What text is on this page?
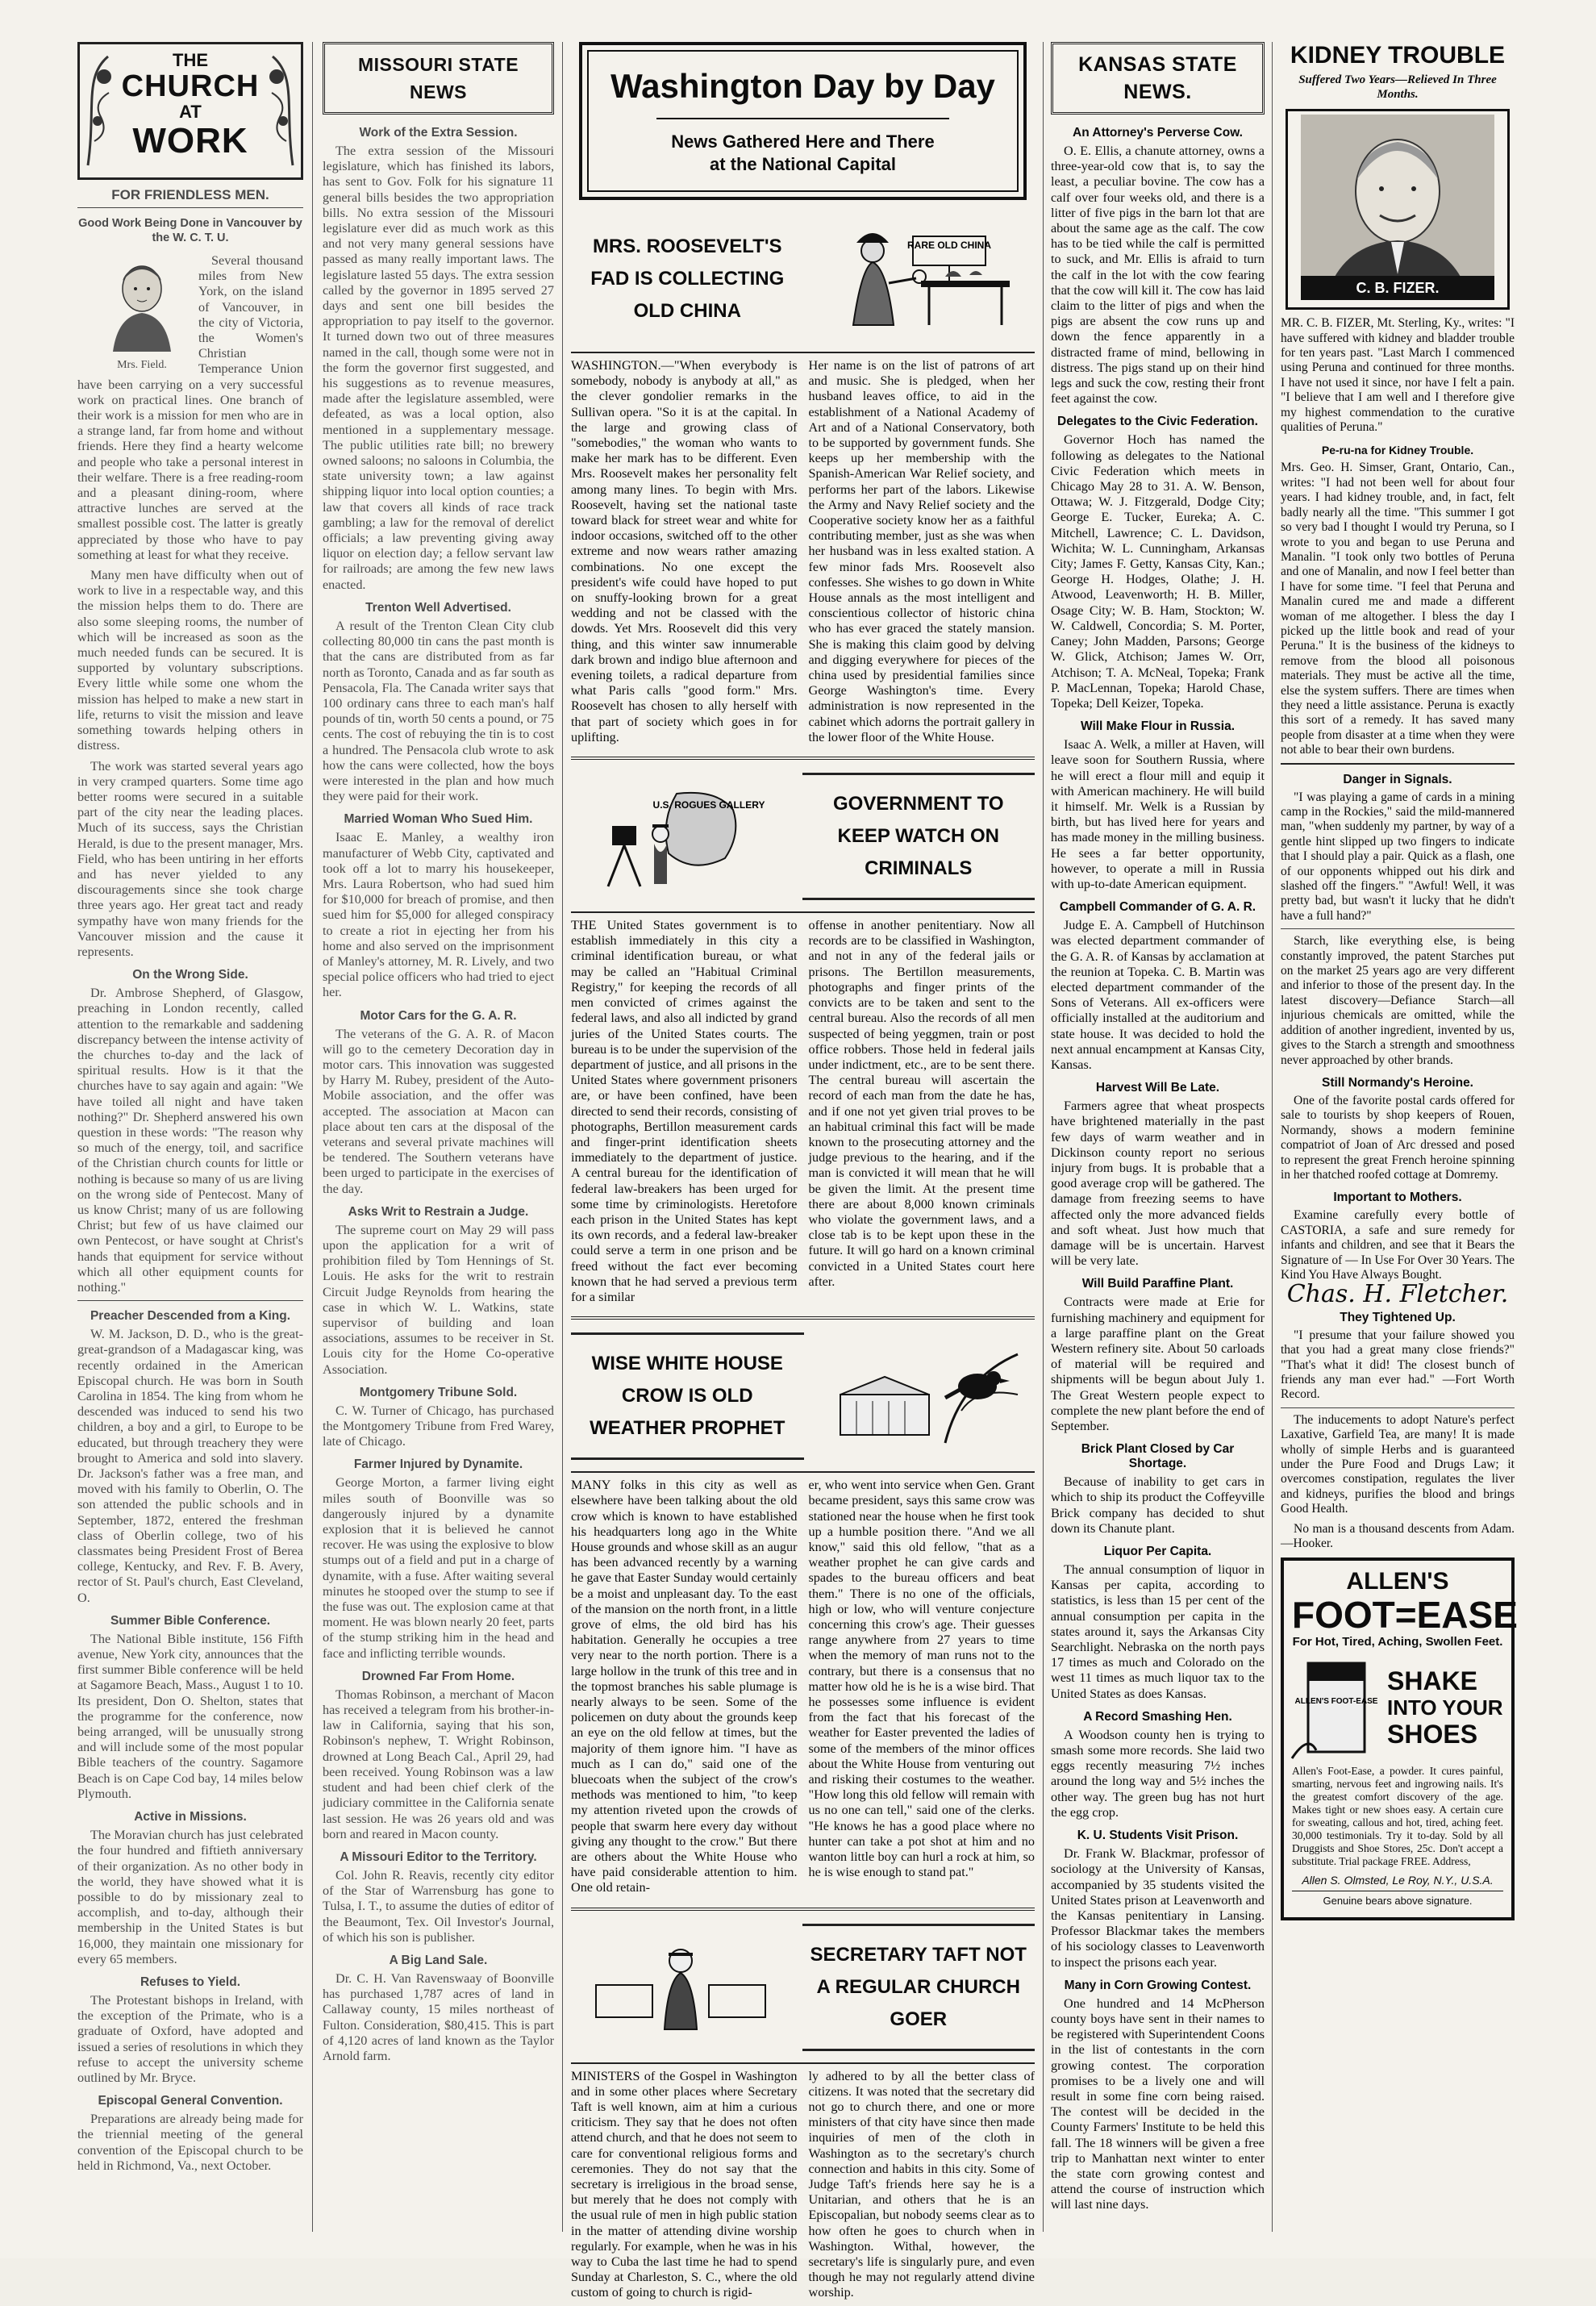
THE
CHURCH
AT
WORK
FOR FRIENDLESS MEN.
Good Work Being Done in Vancouver by the W. C. T. U.
Mrs. Field.

Several thousand miles from New York, on the island of Vancouver, in the city of Victoria, the Women's Christian Temperance Union have been carrying on a very successful work on practical lines. One branch of their work is a mission for men who are in a strange land, far from home and without friends. Here they find a hearty welcome and people who take a personal interest in their welfare. There is a free reading-room and a pleasant dining-room, where attractive lunches are served at the smallest possible cost. The latter is greatly appreciated by those who have to pay something at least for what they receive.

Many men have difficulty when out of work to live in a respectable way, and this the mission helps them to do. There are also some sleeping rooms, the number of which will be increased as soon as the much needed funds can be secured. It is supported by voluntary subscriptions. Every little while some one whom the mission has helped to make a new start in life, returns to visit the mission and leave something towards helping others in distress.

The work was started several years ago in very cramped quarters. Some time ago better rooms were secured in a suitable part of the city near the leading places. Much of its success, says the Christian Herald, is due to the present manager, Mrs. Field, who has been untiring in her efforts and has never yielded to any discouragements since she took charge three years ago. Her great tact and ready sympathy have won many friends for the Vancouver mission and the cause it represents.

On the Wrong Side.

Dr. Ambrose Shepherd, of Glasgow, preaching in London recently, called attention to the remarkable and saddening discrepancy between the intense activity of the churches to-day and the lack of spiritual results. How is it that the churches have to say again and again: "We have toiled all night and have taken nothing?" Dr. Shepherd answered his own question in these words: "The reason why so much of the energy, toil, and sacrifice of the Christian church counts for little or nothing is because so many of us are living on the wrong side of Pentecost. Many of us know Christ; many of us are following Christ; but few of us have claimed our own Pentecost, or have sought at Christ's hands that equipment for service without which all other equipment counts for nothing."

Preacher Descended from a King.

W. M. Jackson, D. D., who is the great-great-grandson of a Madagascar king, was recently ordained in the American Episcopal church. He was born in South Carolina in 1854. The king from whom he descended was induced to send his two children, a boy and a girl, to Europe to be educated, but through treachery they were brought to America and sold into slavery. Dr. Jackson's father was a free man, and moved with his family to Oberlin, O. The son attended the public schools and in September, 1872, entered the freshman class of Oberlin college, two of his classmates being President Frost of Berea college, Kentucky, and Rev. F. B. Avery, rector of St. Paul's church, East Cleveland, O.

Summer Bible Conference.

The National Bible institute, 156 Fifth avenue, New York city, announces that the first summer Bible conference will be held at Sagamore Beach, Mass., August 1 to 10. Its president, Don O. Shelton, states that the programme for the conference, now being arranged, will be unusually strong and will include some of the most popular Bible teachers of the country. Sagamore Beach is on Cape Cod bay, 14 miles below Plymouth.

Active in Missions.

The Moravian church has just celebrated the four hundred and fiftieth anniversary of their organization. As no other body in the world, they have showed what it is possible to do by missionary zeal to accomplish, and to-day, although their membership in the United States is but 16,000, they maintain one missionary for every 65 members.

Refuses to Yield.

The Protestant bishops in Ireland, with the exception of the Primate, who is a graduate of Oxford, have adopted and issued a series of resolutions in which they refuse to accept the university scheme outlined by Mr. Bryce.

Episcopal General Convention.

Preparations are already being made for the triennial meeting of the general convention of the Episcopal church to be held in Richmond, Va., next October.

MISSOURI STATE NEWS
Work of the Extra Session.

The extra session of the Missouri legislature, which has finished its labors, has sent to Gov. Folk for his signature 11 general bills besides the two appropriation bills. No extra session of the Missouri legislature ever did as much work as this and not very many general sessions have passed as many really important laws. The legislature lasted 55 days. The extra session called by the governor in 1895 served 27 days and sent one bill besides the appropriation to pay itself to the governor. It turned down two out of three measures named in the call, though some were not in the form the governor first suggested, and his suggestions as to revenue measures, made after the legislature assembled, were defeated, as was a local option, also mentioned in a supplementary message. The public utilities rate bill; no brewery owned saloons; no saloons in Columbia, the state university town; a law against shipping liquor into local option counties; a law that covers all kinds of race track gambling; a law for the removal of derelict officials; a law preventing giving away liquor on election day; a fellow servant law for railroads; are among the few new laws enacted.

Trenton Well Advertised.

A result of the Trenton Clean City club collecting 80,000 tin cans the past month is that the cans are distributed from as far north as Toronto, Canada and as far south as Pensacola, Fla. The Canada writer says that 100 ordinary cans three to each man's half pounds of tin, worth 50 cents a pound, or 75 cents. The cost of rebuying the tin is to cost a hundred. The Pensacola club wrote to ask how the cans were collected, how the boys were interested in the plan and how much they were paid for their work.

Married Woman Who Sued Him.

Isaac E. Manley, a wealthy iron manufacturer of Webb City, captivated and took off a lot to marry his housekeeper, Mrs. Laura Robertson, who had sued him for $10,000 for breach of promise, and then sued him for $5,000 for alleged conspiracy to create a riot in ejecting her from his home and also served on the imprisonment of Manley's attorney, M. R. Lively, and two special police officers who had tried to eject her.

Motor Cars for the G. A. R.

The veterans of the G. A. R. of Macon will go to the cemetery Decoration day in motor cars. This innovation was suggested by Harry M. Rubey, president of the Auto-Mobile association, and the offer was accepted. The association at Macon can place about ten cars at the disposal of the veterans and several private machines will be tendered. The Southern veterans have been urged to participate in the exercises of the day.

Asks Writ to Restrain a Judge.

The supreme court on May 29 will pass upon the application for a writ of prohibition filed by Tom Hennings of St. Louis. He asks for the writ to restrain Circuit Judge Reynolds from hearing the case in which W. L. Watkins, state supervisor of building and loan associations, assumes to be receiver in St. Louis city for the Home Co-operative Association.

Montgomery Tribune Sold.

C. W. Turner of Chicago, has purchased the Montgomery Tribune from Fred Warey, late of Chicago.

Farmer Injured by Dynamite.

George Morton, a farmer living eight miles south of Boonville was so dangerously injured by a dynamite explosion that it is believed he cannot recover. He was using the explosive to blow stumps out of a field and put in a charge of dynamite, with a fuse. After waiting several minutes he stooped over the stump to see if the fuse was out. The explosion came at that moment. He was blown nearly 20 feet, parts of the stump striking him in the head and face and inflicting terrible wounds.

Drowned Far From Home.

Thomas Robinson, a merchant of Macon has received a telegram from his brother-in-law in California, saying that his son, Robinson's nephew, T. Wright Robinson, drowned at Long Beach Cal., April 29, had been received. Young Robinson was a law student and had been chief clerk of the judiciary committee in the California senate last session. He was 26 years old and was born and reared in Macon county.

A Missouri Editor to the Territory.

Col. John R. Reavis, recently city editor of the Star of Warrensburg has gone to Tulsa, I. T., to assume the duties of editor of the Beaumont, Tex. Oil Investor's Journal, of which his son is publisher.

A Big Land Sale.

Dr. C. H. Van Ravenswaay of Boonville has purchased 1,787 acres of land in Callaway county, 15 miles northeast of Fulton. Consideration, $80,415. This is part of 4,120 acres of land known as the Taylor Arnold farm.

Washington Day by Day
News Gathered Here and There
at the National Capital
MRS. ROOSEVELT'S FAD IS COLLECTING OLD CHINA
RARE OLD CHINA

WASHINGTON.—"When everybody is somebody, nobody is anybody at all," as the clever gondolier remarks in the Sullivan opera. "So it is at the capital. In the large and growing class of "somebodies," the woman who wants to make her mark has to be different. Even Mrs. Roosevelt makes her personality felt among many lines. To begin with Mrs. Roosevelt, having set the national taste toward black for street wear and white for indoor occasions, switched off to the other extreme and now wears rather amazing combinations. No one except the president's wife could have hoped to put on snuffy-looking brown for a great wedding and not be classed with the dowds. Yet Mrs. Roosevelt did this very thing, and this winter saw innumerable dark brown and indigo blue afternoon and evening toilets, a radical departure from what Paris calls "good form." Mrs. Roosevelt has chosen to ally herself with that part of society which goes in for uplifting.

Her name is on the list of patrons of art and music. She is pledged, when her husband leaves office, to aid in the establishment of a National Academy of Art and of a National Conservatory, both to be supported by government funds. She keeps up her membership with the Spanish-American War Relief society, and performs her part of the labors. Likewise the Army and Navy Relief society and the Cooperative society know her as a faithful contributing member, just as she was when her husband was in less exalted station. A few minor fads Mrs. Roosevelt also confesses. She wishes to go down in White House annals as the most intelligent and conscientious collector of historic china who has ever graced the stately mansion. She is making this claim good by delving and digging everywhere for pieces of the china used by presidential families since George Washington's time. Every administration is now represented in the cabinet which adorns the portrait gallery in the lower floor of the White House.

U.S. ROGUES GALLERY	GOVERNMENT TO KEEP WATCH ON CRIMINALS

THE United States government is to establish immediately in this city a criminal identification bureau, or what may be called an "Habitual Criminal Registry," for keeping the records of all men convicted of crimes against the federal laws, and also all indicted by grand juries of the United States courts. The bureau is to be under the supervision of the department of justice, and all prisons in the United States where government prisoners are, or have been confined, have been directed to send their records, consisting of photographs, Bertillon measurement cards and finger-print identification sheets immediately to the department of justice. A central bureau for the identification of federal law-breakers has been urged for some time by criminologists. Heretofore each prison in the United States has kept its own records, and a federal law-breaker could serve a term in one prison and be freed without the fact ever becoming known that he had served a previous term for a similar

offense in another penitentiary. Now all records are to be classified in Washington, and not in any of the federal jails or prisons. The Bertillon measurements, photographs and finger prints of the convicts are to be taken and sent to the central bureau. Also the records of all men suspected of being yeggmen, train or post office robbers. Those held in federal jails under indictment, etc., are to be sent there. The central bureau will ascertain the record of each man from the date he has, and if one not yet given trial proves to be an habitual criminal this fact will be made known to the prosecuting attorney and the judge previous to the hearing, and if the man is convicted it will mean that he will be given the limit. At the present time there are about 8,000 known criminals who violate the government laws, and a close tab is to be kept upon these in the future. It will go hard on a known criminal convicted in a United States court here after.

WISE WHITE HOUSE CROW IS OLD WEATHER PROPHET

MANY folks in this city as well as elsewhere have been talking about the old crow which is known to have established his headquarters long ago in the White House grounds and whose skill as an augur has been advanced recently by a warning he gave that Easter Sunday would certainly be a moist and unpleasant day. To the east of the mansion on the north front, in a little grove of elms, the old bird has his habitation. Generally he occupies a tree very near to the north portion. There is a large hollow in the trunk of this tree and in the topmost branches his sable plumage is nearly always to be seen. Some of the policemen on duty about the grounds keep an eye on the old fellow at times, but the majority of them ignore him. "I have as much as I can do," said one of the bluecoats when the subject of the crow's methods was mentioned to him, "to keep my attention riveted upon the crowds of people that swarm here every day without giving any thought to the crow." But there are others about the White House who have paid considerable attention to him. One old retain-

er, who went into service when Gen. Grant became president, says this same crow was stationed near the house when he first took up a humble position there. "And we all know," said this old fellow, "that as a weather prophet he can give cards and spades to the bureau officers and beat them." There is no one of the officials, high or low, who will venture conjecture concerning this crow's age. Their guesses range anywhere from 27 years to time when the memory of man runs not to the contrary, but there is a consensus that no matter how old he is he is a wise bird. That he possesses some influence is evident from the fact that his forecast of the weather for Easter prevented the ladies of some of the members of the minor offices about the White House from venturing out and risking their costumes to the weather. "How long this old fellow will remain with us no one can tell," said one of the clerks. "He knows he has a good place where no hunter can take a pot shot at him and no wanton little boy can hurl a rock at him, so he is wise enough to stand pat."

SECRETARY TAFT NOT A REGULAR CHURCH GOER

MINISTERS of the Gospel in Washington and in some other places where Secretary Taft is well known, aim at him a curious criticism. They say that he does not often attend church, and that he does not seem to care for conventional religious forms and ceremonies. They do not say that the secretary is irreligious in the broad sense, but merely that he does not comply with the usual rule of men in high public station in the matter of attending divine worship regularly. For example, when he was in his way to Cuba the last time he had to spend Sunday at Charleston, S. C., where the old custom of going to church is rigid-

ly adhered to by all the better class of citizens. It was noted that the secretary did not go to church there, and one or more ministers of that city have since then made inquiries of men of the cloth in Washington as to the secretary's church connection and habits in this city. Some of Judge Taft's friends here say he is a Unitarian, and others that he is an Episcopalian, but nobody seems clear as to how often he goes to church when in Washington. Withal, however, the secretary's life is singularly pure, and even though he may not regularly attend divine worship.

KANSAS STATE NEWS.
An Attorney's Perverse Cow.

O. E. Ellis, a chanute attorney, owns a three-year-old cow that is, to say the least, a peculiar bovine. The cow has a calf over four weeks old, and there is a litter of five pigs in the barn lot that are about the same age as the calf. The cow has to be tied while the calf is permitted to suck, and Mr. Ellis is afraid to turn the calf in the lot with the cow fearing that the cow will kill it. The cow has laid claim to the litter of pigs and when the pigs are absent the cow runs up and down the fence apparently in a distracted frame of mind, bellowing in distress. The pigs stand up on their hind legs and suck the cow, resting their front feet against the cow.

Delegates to the Civic Federation.

Governor Hoch has named the following as delegates to the National Civic Federation which meets in Chicago May 28 to 31. A. W. Benson, Ottawa; W. J. Fitzgerald, Dodge City; George E. Tucker, Eureka; A. C. Mitchell, Lawrence; C. L. Davidson, Wichita; W. L. Cunningham, Arkansas City; James F. Getty, Kansas City, Kan.; George H. Hodges, Olathe; J. H. Atwood, Leavenworth; H. B. Miller, Osage City; W. B. Ham, Stockton; W. W. Caldwell, Concordia; S. M. Porter, Caney; John Madden, Parsons; George W. Glick, Atchison; James W. Orr, Atchison; T. A. McNeal, Topeka; Frank P. MacLennan, Topeka; Harold Chase, Topeka; Dell Keizer, Topeka.

Will Make Flour in Russia.

Isaac A. Welk, a miller at Haven, will leave soon for Southern Russia, where he will erect a flour mill and equip it with American machinery. He will build it himself. Mr. Welk is a Russian by birth, but has lived here for years and has made money in the milling business. He sees a far better opportunity, however, to operate a mill in Russia with up-to-date American equipment.

Campbell Commander of G. A. R.

Judge E. A. Campbell of Hutchinson was elected department commander of the G. A. R. of Kansas by acclamation at the reunion at Topeka. C. B. Martin was elected department commander of the Sons of Veterans. All ex-officers were officially installed at the auditorium and state house. It was decided to hold the next annual encampment at Kansas City, Kansas.

Harvest Will Be Late.

Farmers agree that wheat prospects have brightened materially in the past few days of warm weather and in Dickinson county report no serious injury from bugs. It is probable that a good average crop will be gathered. The damage from freezing seems to have affected only the more advanced fields and soft wheat. Just how much that damage will be is uncertain. Harvest will be very late.

Will Build Paraffine Plant.

Contracts were made at Erie for furnishing machinery and equipment for a large paraffine plant on the Great Western refinery site. About 50 carloads of material will be required and shipments will be begun about July 1. The Great Western people expect to complete the new plant before the end of September.

Brick Plant Closed by Car Shortage.

Because of inability to get cars in which to ship its product the Coffeyville Brick company has decided to shut down its Chanute plant.

Liquor Per Capita.

The annual consumption of liquor in Kansas per capita, according to statistics, is less than 15 per cent of the annual consumption per capita in the states around it, says the Arkansas City Searchlight. Nebraska on the north pays 17 times as much and Colorado on the west 11 times as much liquor tax to the United States as does Kansas.

A Record Smashing Hen.

A Woodson county hen is trying to smash some more records. She laid two eggs recently measuring 7½ inches around the long way and 5½ inches the other way. The green bug has not hurt the egg crop.

K. U. Students Visit Prison.

Dr. Frank W. Blackmar, professor of sociology at the University of Kansas, accompanied by 35 students visited the United States prison at Leavenworth and the Kansas penitentiary in Lansing. Professor Blackmar takes the members of his sociology classes to Leavenworth to inspect the prisons each year.

Many in Corn Growing Contest.

One hundred and 14 McPherson county boys have sent in their names to be registered with Superintendent Coons in the list of contestants in the corn growing contest. The corporation promises to be a lively one and will result in some fine corn being raised. The contest will be decided in the County Farmers' Institute to be held this fall. The 18 winners will be given a free trip to Manhattan next winter to enter the state corn growing contest and attend the course of instruction which will last nine days.

KIDNEY TROUBLE
Suffered Two Years—Relieved In Three Months.
C. B. FIZER.

MR. C. B. FIZER, Mt. Sterling, Ky., writes: "I have suffered with kidney and bladder trouble for ten years past. "Last March I commenced using Peruna and continued for three months. I have not used it since, nor have I felt a pain. "I believe that I am well and I therefore give my highest commendation to the curative qualities of Peruna."

Pe-ru-na for Kidney Trouble.

Mrs. Geo. H. Simser, Grant, Ontario, Can., writes: "I had not been well for about four years. I had kidney trouble, and, in fact, felt badly nearly all the time. "This summer I got so very bad I thought I would try Peruna, so I wrote to you and began to use Peruna and Manalin. "I took only two bottles of Peruna and one of Manalin, and now I feel better than I have for some time. "I feel that Peruna and Manalin cured me and made a different woman of me altogether. I bless the day I picked up the little book and read of your Peruna." It is the business of the kidneys to remove from the blood all poisonous materials. They must be active all the time, else the system suffers. There are times when they need a little assistance. Peruna is exactly this sort of a remedy. It has saved many people from disaster at a time when they were not able to bear their own burdens.

Danger in Signals.

"I was playing a game of cards in a mining camp in the Rockies," said the mild-mannered man, "when suddenly my partner, by way of a gentle hint slipped up two fingers to indicate that I should play a pair. Quick as a flash, one of our opponents whipped out his dirk and slashed off the fingers." "Awful! Well, it was pretty bad, but wasn't it lucky that he didn't have a full hand?"

Starch, like everything else, is being constantly improved, the patent Starches put on the market 25 years ago are very different and inferior to those of the present day. In the latest discovery—Defiance Starch—all injurious chemicals are omitted, while the addition of another ingredient, invented by us, gives to the Starch a strength and smoothness never approached by other brands.

Still Normandy's Heroine.

One of the favorite postal cards offered for sale to tourists by shop keepers of Rouen, Normandy, shows a modern feminine compatriot of Joan of Arc dressed and posed to represent the great French heroine spinning in her thatched roofed cottage at Domremy.

Important to Mothers.

Examine carefully every bottle of CASTORIA, a safe and sure remedy for infants and children, and see that it Bears the Signature of — In Use For Over 30 Years. The Kind You Have Always Bought.

Chas. H. Fletcher.
They Tightened Up.

"I presume that your failure showed you that you had a great many close friends?" "That's what it did! The closest bunch of friends any man ever had." —Fort Worth Record.

The inducements to adopt Nature's perfect Laxative, Garfield Tea, are many! It is made wholly of simple Herbs and is guaranteed under the Pure Food and Drugs Law; it overcomes constipation, regulates the liver and kidneys, purifies the blood and brings Good Health.

No man is a thousand descents from Adam.—Hooker.

ALLEN'S
FOOT=EASE
For Hot, Tired, Aching, Swollen Feet.
ALLEN'S FOOT-EASE
SHAKE
INTO YOUR
SHOES

Allen's Foot-Ease, a powder. It cures painful, smarting, nervous feet and ingrowing nails. It's the greatest comfort discovery of the age. Makes tight or new shoes easy. A certain cure for sweating, callous and hot, tired, aching feet. 30,000 testimonials. Try it to-day. Sold by all Druggists and Shoe Stores, 25c. Don't accept a substitute. Trial package FREE. Address,

Allen S. Olmsted, Le Roy, N.Y., U.S.A.
Genuine bears above signature.
